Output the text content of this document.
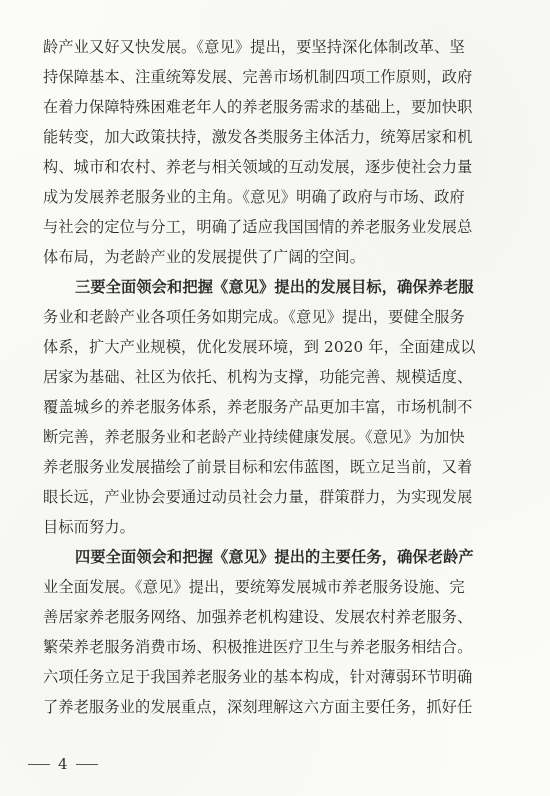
龄产业又好又快发展。《意见》提出，要坚持深化体制改革、坚
持保障基本、注重统筹发展、完善市场机制四项工作原则，政府
在着力保障特殊困难老年人的养老服务需求的基础上，要加快职
能转变，加大政策扶持，激发各类服务主体活力，统筹居家和机
构、城市和农村、养老与相关领域的互动发展，逐步使社会力量
成为发展养老服务业的主角。《意见》明确了政府与市场、政府
与社会的定位与分工，明确了适应我国国情的养老服务业发展总
体布局，为老龄产业的发展提供了广阔的空间。
三要全面领会和把握《意见》提出的发展目标，确保养老服
务业和老龄产业各项任务如期完成。《意见》提出，要健全服务
体系，扩大产业规模，优化发展环境，到 2020 年，全面建成以
居家为基础、社区为依托、机构为支撑，功能完善、规模适度、
覆盖城乡的养老服务体系，养老服务产品更加丰富，市场机制不
断完善，养老服务业和老龄产业持续健康发展。《意见》为加快
养老服务业发展描绘了前景目标和宏伟蓝图，既立足当前，又着
眼长远，产业协会要通过动员社会力量，群策群力，为实现发展
目标而努力。
四要全面领会和把握《意见》提出的主要任务，确保老龄产
业全面发展。《意见》提出，要统筹发展城市养老服务设施、完
善居家养老服务网络、加强养老机构建设、发展农村养老服务、
繁荣养老服务消费市场、积极推进医疗卫生与养老服务相结合。
六项任务立足于我国养老服务业的基本构成，针对薄弱环节明确
了养老服务业的发展重点，深刻理解这六方面主要任务，抓好任
4
